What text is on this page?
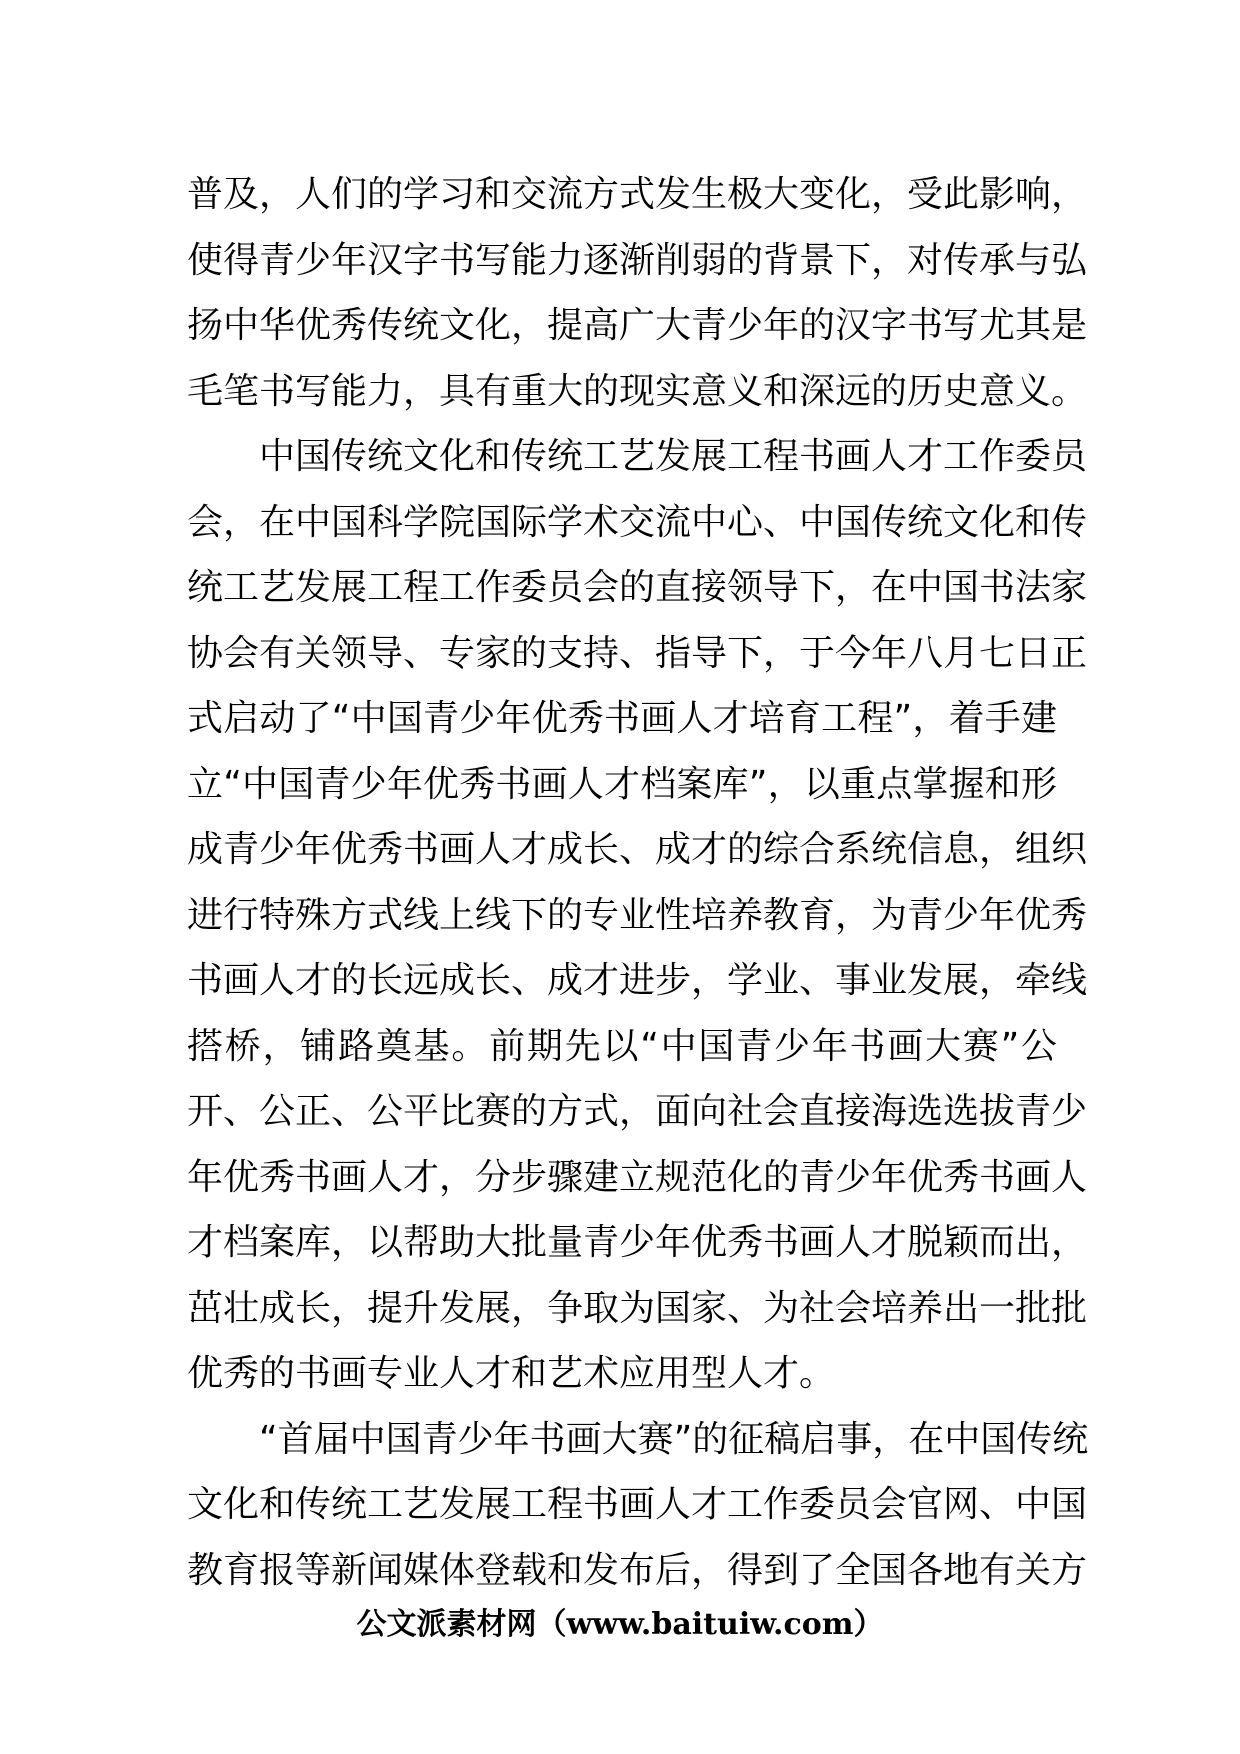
普及，人们的学习和交流方式发生极大变化，受此影响，
使得青少年汉字书写能力逐渐削弱的背景下，对传承与弘
扬中华优秀传统文化，提高广大青少年的汉字书写尤其是
毛笔书写能力，具有重大的现实意义和深远的历史意义。
中国传统文化和传统工艺发展工程书画人才工作委员
会，在中国科学院国际学术交流中心、中国传统文化和传
统工艺发展工程工作委员会的直接领导下，在中国书法家
协会有关领导、专家的支持、指导下，于今年八月七日正
式启动了“中国青少年优秀书画人才培育工程”，着手建
立“中国青少年优秀书画人才档案库”，以重点掌握和形
成青少年优秀书画人才成长、成才的综合系统信息，组织
进行特殊方式线上线下的专业性培养教育，为青少年优秀
书画人才的长远成长、成才进步，学业、事业发展，牵线
搭桥，铺路奠基。前期先以“中国青少年书画大赛”公
开、公正、公平比赛的方式，面向社会直接海选选拔青少
年优秀书画人才，分步骤建立规范化的青少年优秀书画人
才档案库，以帮助大批量青少年优秀书画人才脱颖而出，
茁壮成长，提升发展，争取为国家、为社会培养出一批批
优秀的书画专业人才和艺术应用型人才。
“首届中国青少年书画大赛”的征稿启事，在中国传统
文化和传统工艺发展工程书画人才工作委员会官网、中国
教育报等新闻媒体登载和发布后，得到了全国各地有关方
公文派素材网（www.baituiw.com）
